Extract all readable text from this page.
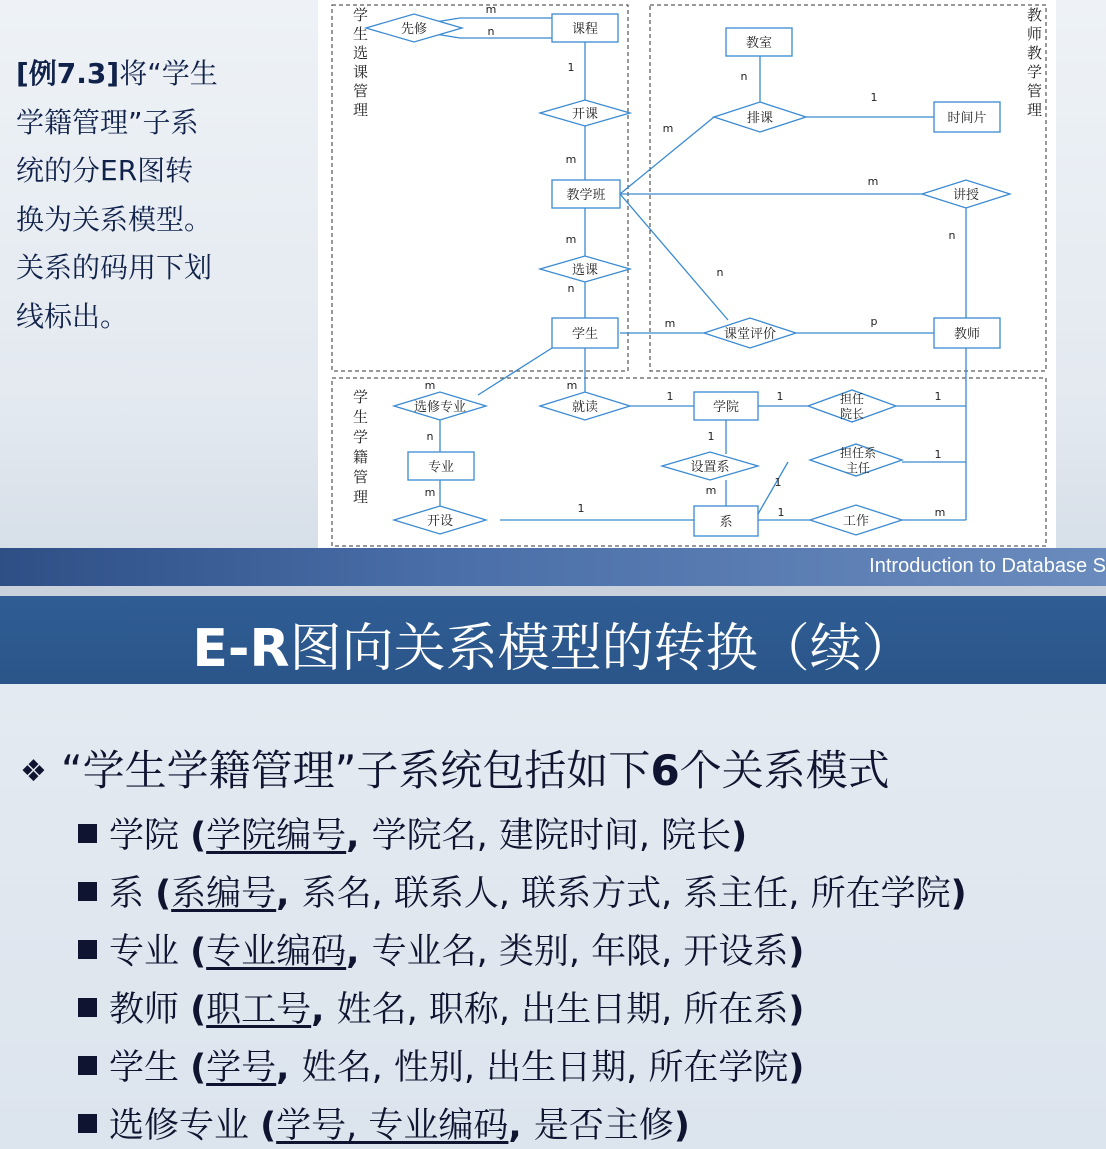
[例7.3]将“学生
学籍管理”子系
统的分ER图转
换为关系模型。
关系的码用下划
线标出。
学生选课管理
教师教学管理
学生学籍管理
课程
教学班
学生
教室
时间片
教师
专业
学院
系
先修
开课
选课
排课
讲授
课堂评价
选修专业	就读
设置系
工作
开设
担任院长
担任系主任
m
n
1
m
m
n
n
1
m
m
n
n
m	p
m
n
m
1	1	1
1
m
1
1
1	m
m
1
Introduction to Database S
E-R图向关系模型的转换（续）
❖ “学生学籍管理”子系统包括如下6个关系模式
学院 (学院编号, 学院名, 建院时间, 院长)
系 (系编号, 系名, 联系人, 联系方式, 系主任, 所在学院)
专业 (专业编码, 专业名, 类别, 年限, 开设系)
教师 (职工号, 姓名, 职称, 出生日期, 所在系)
学生 (学号, 姓名, 性别, 出生日期, 所在学院)
选修专业 (学号, 专业编码, 是否主修)
